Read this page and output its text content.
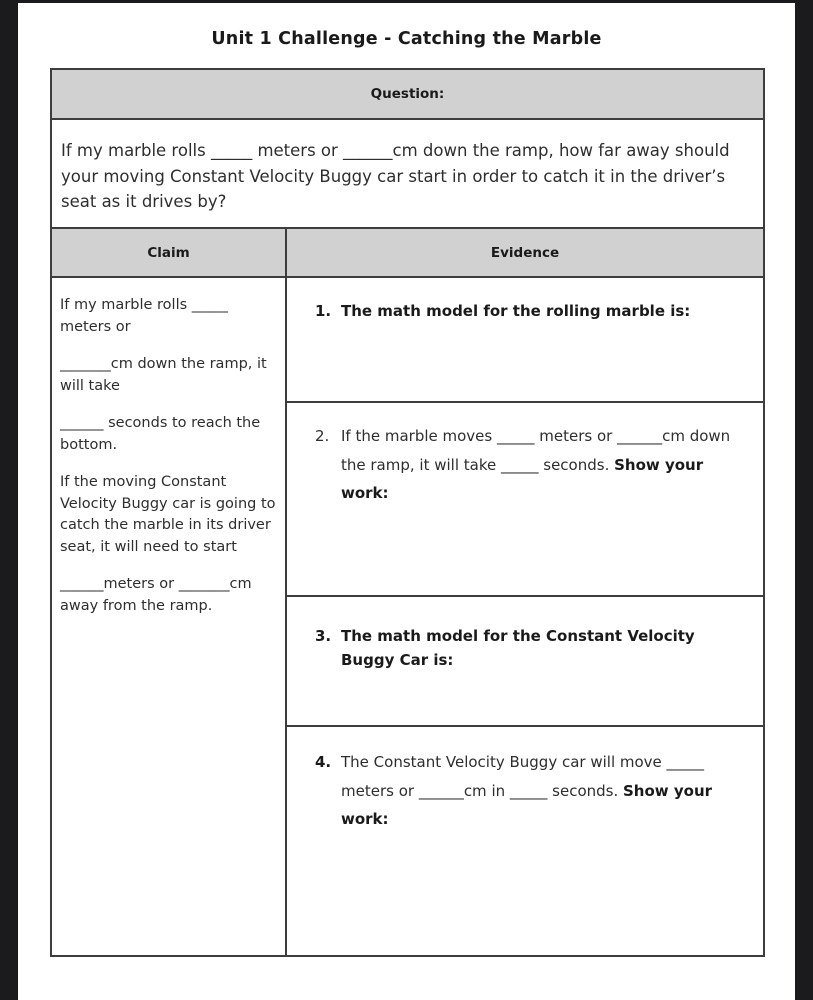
Unit 1 Challenge - Catching the Marble
Question:
If my marble rolls _____ meters or ______cm down the ramp, how far away should your moving Constant Velocity Buggy car start in order to catch it in the driver’s seat as it drives by?
Claim	Evidence

If my marble rolls _____ meters or

_______cm down the ramp, it will take

______ seconds to reach the bottom.

If the moving Constant Velocity Buggy car is going to catch the marble in its driver seat, it will need to start

______meters or _______cm away from the ramp.

1. The math model for the rolling marble is:
2. If the marble moves _____ meters or ______cm down the ramp, it will take _____ seconds. Show your work:
3. The math model for the Constant Velocity Buggy Car is:
4. The Constant Velocity Buggy car will move _____ meters or ______cm in _____ seconds. Show your work:
